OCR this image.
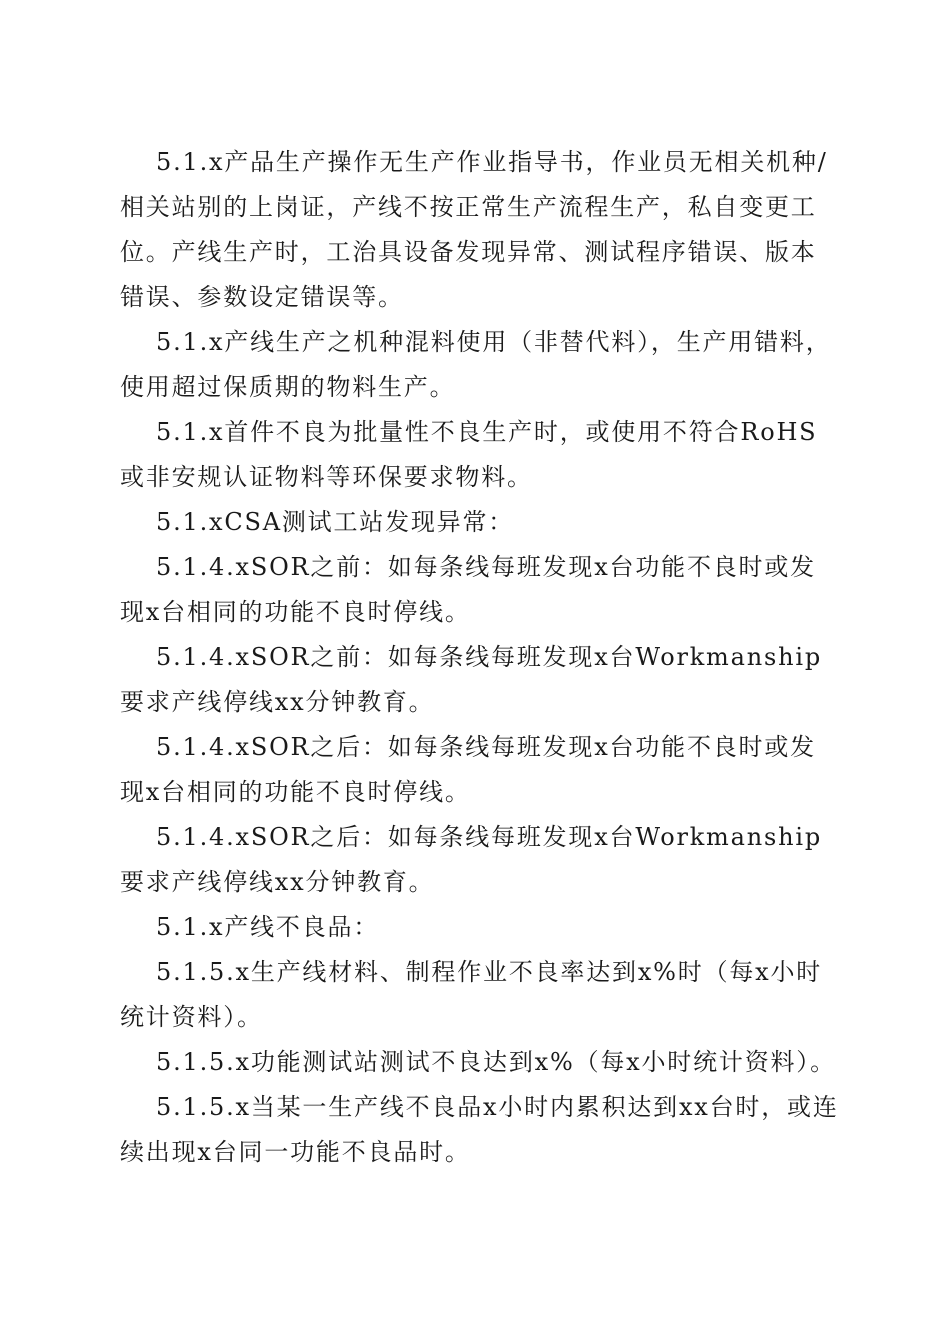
5.1.x产品生产操作无生产作业指导书，作业员无相关机种/相关站别的上岗证，产线不按正常生产流程生产，私自变更工位。产线生产时，工治具设备发现异常、测试程序错误、版本错误、参数设定错误等。

5.1.x产线生产之机种混料使用（非替代料），生产用错料，使用超过保质期的物料生产。

5.1.x首件不良为批量性不良生产时，或使用不符合RoHS或非安规认证物料等环保要求物料。

5.1.xCSA测试工站发现异常：

5.1.4.xSOR之前：如每条线每班发现x台功能不良时或发现x台相同的功能不良时停线。

5.1.4.xSOR之前：如每条线每班发现x台Workmanship要求产线停线xx分钟教育。

5.1.4.xSOR之后：如每条线每班发现x台功能不良时或发现x台相同的功能不良时停线。

5.1.4.xSOR之后：如每条线每班发现x台Workmanship要求产线停线xx分钟教育。

5.1.x产线不良品：

5.1.5.x生产线材料、制程作业不良率达到x%时（每x小时统计资料）。

5.1.5.x功能测试站测试不良达到x%（每x小时统计资料）。

5.1.5.x当某一生产线不良品x小时内累积达到xx台时，或连续出现x台同一功能不良品时。
